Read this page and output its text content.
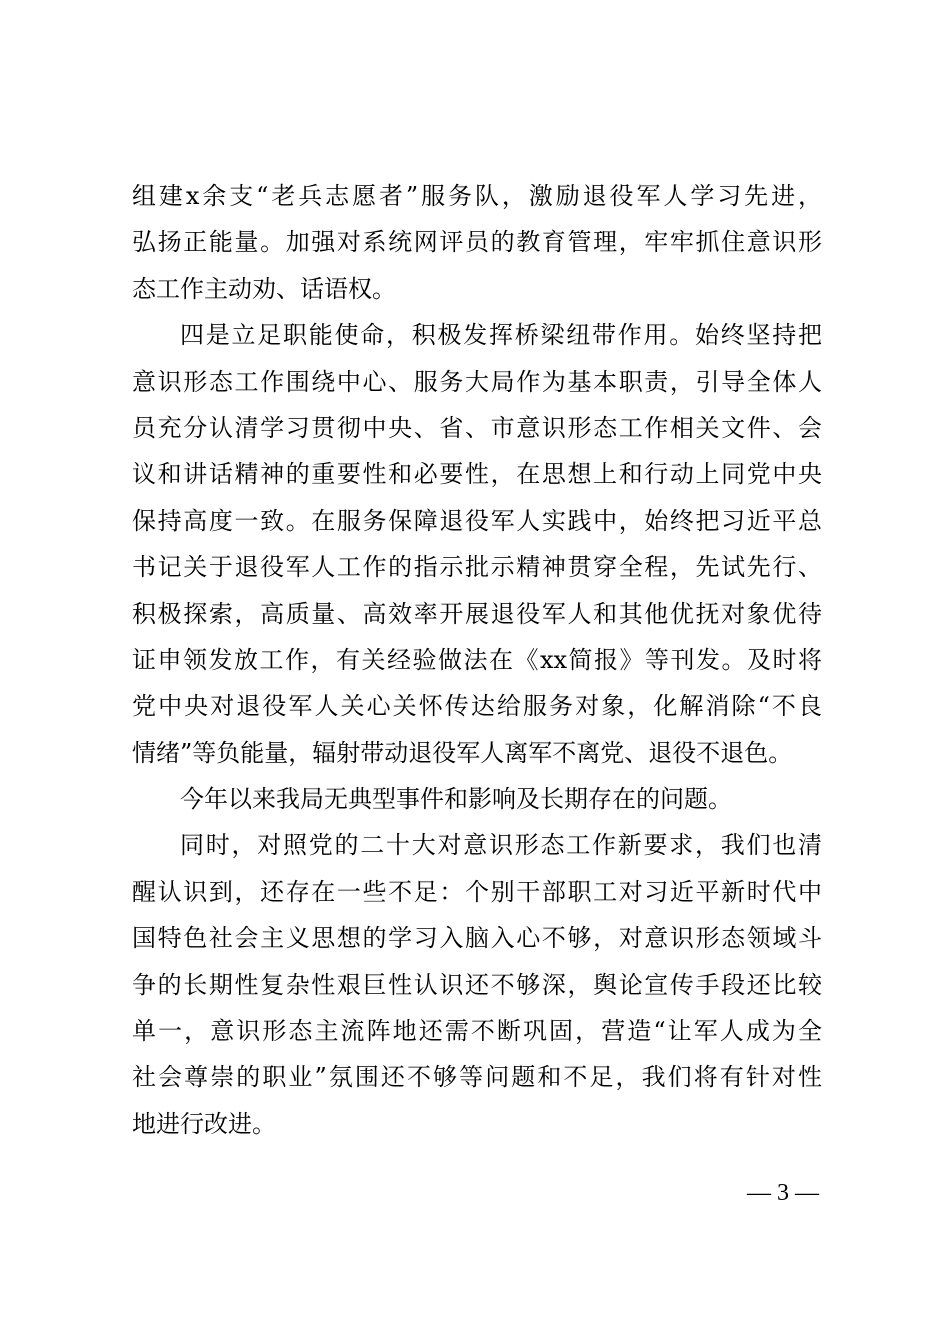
组建x余支“老兵志愿者”服务队，激励退役军人学习先进，
弘扬正能量。加强对系统网评员的教育管理，牢牢抓住意识形
态工作主动劝、话语权。
四是立足职能使命，积极发挥桥梁纽带作用。始终坚持把
意识形态工作围绕中心、服务大局作为基本职责，引导全体人
员充分认清学习贯彻中央、省、市意识形态工作相关文件、会
议和讲话精神的重要性和必要性，在思想上和行动上同党中央
保持高度一致。在服务保障退役军人实践中，始终把习近平总
书记关于退役军人工作的指示批示精神贯穿全程，先试先行、
积极探索，高质量、高效率开展退役军人和其他优抚对象优待
证申领发放工作，有关经验做法在《xx简报》等刊发。及时将
党中央对退役军人关心关怀传达给服务对象，化解消除“不良
情绪”等负能量，辐射带动退役军人离军不离党、退役不退色。
今年以来我局无典型事件和影响及长期存在的问题。
同时，对照党的二十大对意识形态工作新要求，我们也清
醒认识到，还存在一些不足：个别干部职工对习近平新时代中
国特色社会主义思想的学习入脑入心不够，对意识形态领域斗
争的长期性复杂性艰巨性认识还不够深，舆论宣传手段还比较
单一，意识形态主流阵地还需不断巩固，营造“让军人成为全
社会尊崇的职业”氛围还不够等问题和不足，我们将有针对性
地进行改进。
— 3 —
